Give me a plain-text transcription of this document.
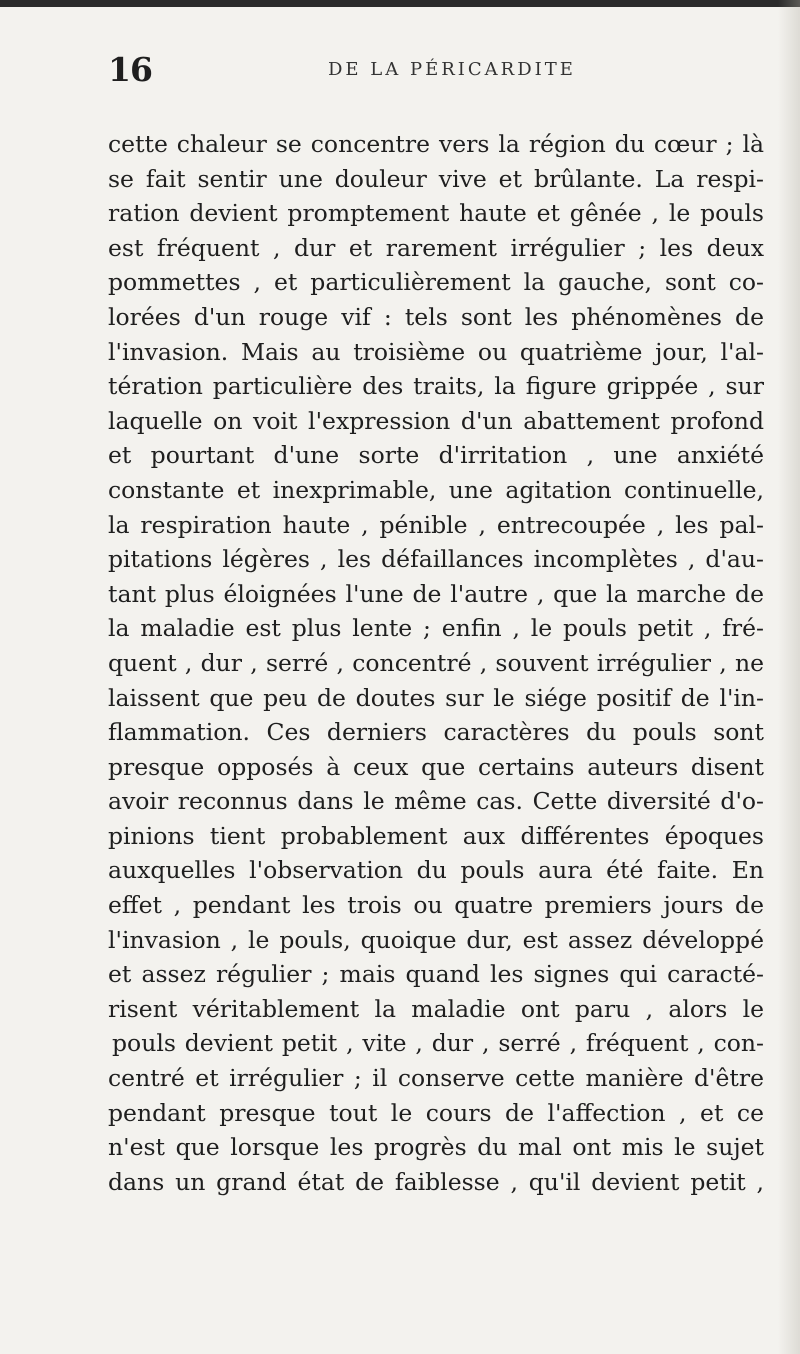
16	DE LA PÉRICARDITE
cette chaleur se concentre vers la région du cœur ; là
se fait sentir une douleur vive et brûlante. La respi-
ration devient promptement haute et gênée , le pouls
est fréquent , dur et rarement irrégulier ; les deux
pommettes , et particulièrement la gauche, sont co-
lorées d'un rouge vif : tels sont les phénomènes de
l'invasion. Mais au troisième ou quatrième jour, l'al-
tération particulière des traits, la figure grippée , sur
laquelle on voit l'expression d'un abattement profond
et pourtant d'une sorte d'irritation , une anxiété
constante et inexprimable, une agitation continuelle,
la respiration haute , pénible , entrecoupée , les pal-
pitations légères , les défaillances incomplètes , d'au-
tant plus éloignées l'une de l'autre , que la marche de
la maladie est plus lente ; enfin , le pouls petit , fré-
quent , dur , serré , concentré , souvent irrégulier , ne
laissent que peu de doutes sur le siége positif de l'in-
flammation. Ces derniers caractères du pouls sont
presque opposés à ceux que certains auteurs disent
avoir reconnus dans le même cas. Cette diversité d'o-
pinions tient probablement aux différentes époques
auxquelles l'observation du pouls aura été faite. En
effet , pendant les trois ou quatre premiers jours de
l'invasion , le pouls, quoique dur, est assez développé
et assez régulier ; mais quand les signes qui caracté-
risent véritablement la maladie ont paru , alors le
pouls devient petit , vite , dur , serré , fréquent , con-
centré et irrégulier ; il conserve cette manière d'être
pendant presque tout le cours de l'affection , et ce
n'est que lorsque les progrès du mal ont mis le sujet
dans un grand état de faiblesse , qu'il devient petit ,
